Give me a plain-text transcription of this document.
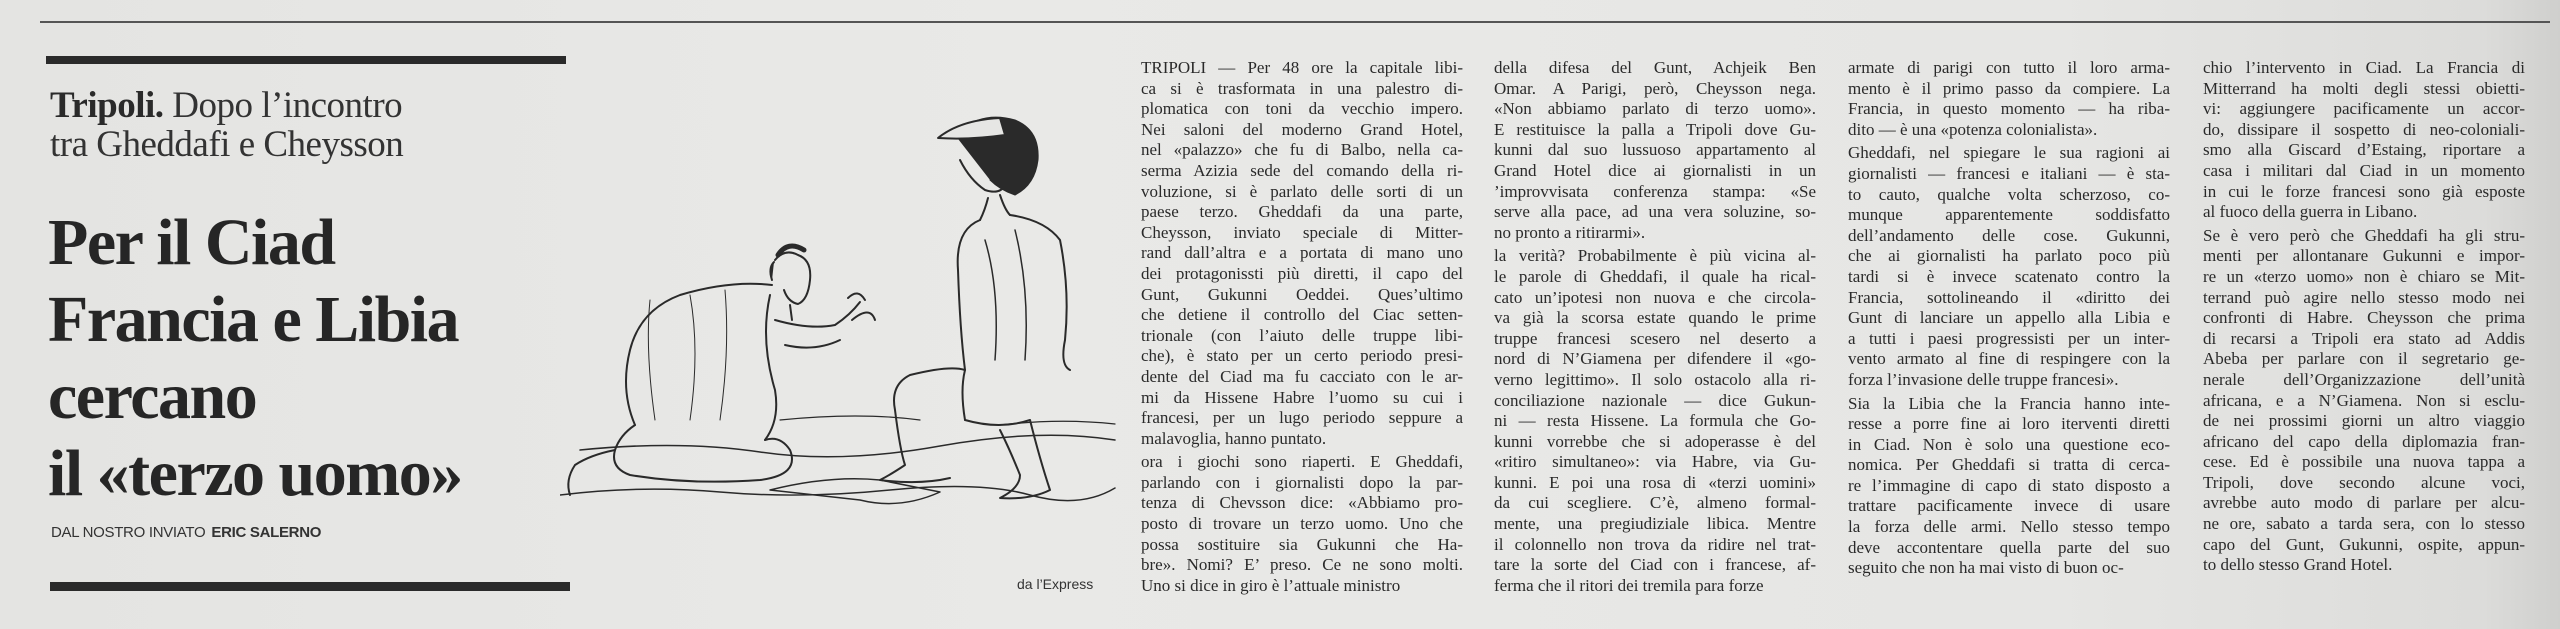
Tripoli. Dopo l’incontro
tra Gheddafi e Cheysson
Per il Ciad
Francia e Libia
cercano
il «terzo uomo»
DAL NOSTRO INVIATO ERIC SALERNO
da l’Express
TRIPOLI — Per 48 ore la capitale libi-
ca si è trasformata in una palestro di-
plomatica con toni da vecchio impero.
Nei saloni del moderno Grand Hotel,
nel «palazzo» che fu di Balbo, nella ca-
serma Azizia sede del comando della ri-
voluzione, si è parlato delle sorti di un
paese terzo. Gheddafi da una parte,
Cheysson, inviato speciale di Mitter-
rand dall’altra e a portata di mano uno
dei protagonissti più diretti, il capo del
Gunt, Gukunni Oeddei. Ques’ultimo
che detiene il controllo del Ciac setten-
trionale (con l’aiuto delle truppe libi-
che), è stato per un certo periodo presi-
dente del Ciad ma fu cacciato con le ar-
mi da Hissene Habre l’uomo su cui i
francesi, per un lugo periodo seppure a
malavoglia, hanno puntato.
ora i giochi sono riaperti. E Gheddafi,
parlando con i giornalisti dopo la par-
tenza di Chevsson dice: «Abbiamo pro-
posto di trovare un terzo uomo. Uno che
possa sostituire sia Gukunni che Ha-
bre». Nomi? E’ preso. Ce ne sono molti.
Uno si dice in giro è l’attuale ministro
della difesa del Gunt, Achjeik Ben
Omar. A Parigi, però, Cheysson nega.
«Non abbiamo parlato di terzo uomo».
E restituisce la palla a Tripoli dove Gu-
kunni dal suo lussuoso appartamento al
Grand Hotel dice ai giornalisti in un
’improvvisata conferenza stampa: «Se
serve alla pace, ad una vera soluzine, so-
no pronto a ritirarmi».
la verità? Probabilmente è più vicina al-
le parole di Gheddafi, il quale ha rical-
cato un’ipotesi non nuova e che circola-
va già la scorsa estate quando le prime
truppe francesi scesero nel deserto a
nord di N’Giamena per difendere il «go-
verno legittimo». Il solo ostacolo alla ri-
conciliazione nazionale — dice Gukun-
ni — resta Hissene. La formula che Go-
kunni vorrebbe che si adoperasse è del
«ritiro simultaneo»: via Habre, via Gu-
kunni. E poi una rosa di «terzi uomini»
da cui scegliere. C’è, almeno formal-
mente, una pregiudiziale libica. Mentre
il colonnello non trova da ridire nel trat-
tare la sorte del Ciad con i francese, af-
ferma che il ritori dei tremila para forze
armate di parigi con tutto il loro arma-
mento è il primo passo da compiere. La
Francia, in questo momento — ha riba-
dito — è una «potenza colonialista».
Gheddafi, nel spiegare le sua ragioni ai
giornalisti — francesi e italiani — è sta-
to cauto, qualche volta scherzoso, co-
munque apparentemente soddisfatto
dell’andamento delle cose. Gukunni,
che ai giornalisti ha parlato poco più
tardi si è invece scatenato contro la
Francia, sottolineando il «diritto dei
Gunt di lanciare un appello alla Libia e
a tutti i paesi progressisti per un inter-
vento armato al fine di respingere con la
forza l’invasione delle truppe francesi».
Sia la Libia che la Francia hanno inte-
resse a porre fine ai loro iterventi diretti
in Ciad. Non è solo una questione eco-
nomica. Per Gheddafi si tratta di cerca-
re l’immagine di capo di stato disposto a
trattare pacificamente invece di usare
la forza delle armi. Nello stesso tempo
deve accontentare quella parte del suo
seguito che non ha mai visto di buon oc-
chio l’intervento in Ciad. La Francia di
Mitterrand ha molti degli stessi obietti-
vi: aggiungere pacificamente un accor-
do, dissipare il sospetto di neo-coloniali-
smo alla Giscard d’Estaing, riportare a
casa i militari dal Ciad in un momento
in cui le forze francesi sono già esposte
al fuoco della guerra in Libano.
Se è vero però che Gheddafi ha gli stru-
menti per allontanare Gukunni e impor-
re un «terzo uomo» non è chiaro se Mit-
terrand può agire nello stesso modo nei
confronti di Habre. Cheysson che prima
di recarsi a Tripoli era stato ad Addis
Abeba per parlare con il segretario ge-
nerale dell’Organizzazione dell’unità
africana, e a N’Giamena. Non si esclu-
de nei prossimi giorni un altro viaggio
africano del capo della diplomazia fran-
cese. Ed è possibile una nuova tappa a
Tripoli, dove secondo alcune voci,
avrebbe auto modo di parlare per alcu-
ne ore, sabato a tarda sera, con lo stesso
capo del Gunt, Gukunni, ospite, appun-
to dello stesso Grand Hotel.
